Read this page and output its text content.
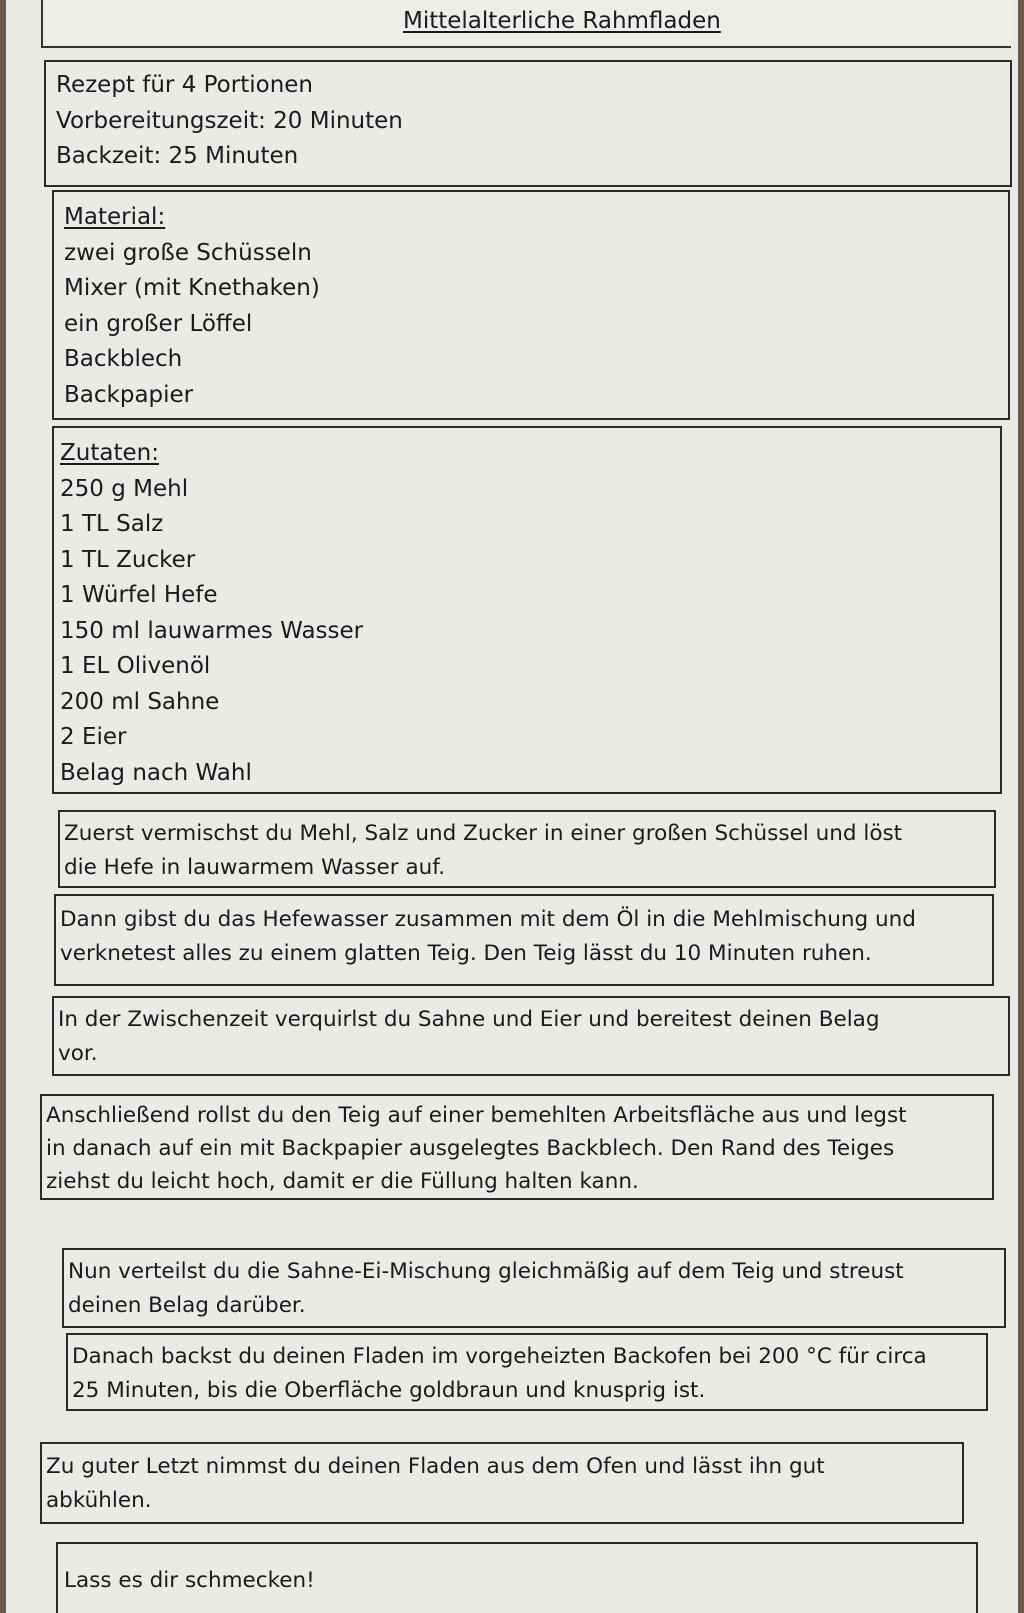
Mittelalterliche Rahmfladen
Rezept für 4 Portionen
Vorbereitungszeit: 20 Minuten
Backzeit: 25 Minuten
Material:
zwei große Schüsseln
Mixer (mit Knethaken)
ein großer Löffel
Backblech
Backpapier
Zutaten:
250 g Mehl
1 TL Salz
1 TL Zucker
1 Würfel Hefe
150 ml lauwarmes Wasser
1 EL Olivenöl
200 ml Sahne
2 Eier
Belag nach Wahl
Zuerst vermischst du Mehl, Salz und Zucker in einer großen Schüssel und löst
die Hefe in lauwarmem Wasser auf.
Dann gibst du das Hefewasser zusammen mit dem Öl in die Mehlmischung und
verknetest alles zu einem glatten Teig. Den Teig lässt du 10 Minuten ruhen.
In der Zwischenzeit verquirlst du Sahne und Eier und bereitest deinen Belag
vor.
Anschließend rollst du den Teig auf einer bemehlten Arbeitsfläche aus und legst
in danach auf ein mit Backpapier ausgelegtes Backblech. Den Rand des Teiges
ziehst du leicht hoch, damit er die Füllung halten kann.
Nun verteilst du die Sahne-Ei-Mischung gleichmäßig auf dem Teig und streust
deinen Belag darüber.
Danach backst du deinen Fladen im vorgeheizten Backofen bei 200 °C für circa
25 Minuten, bis die Oberfläche goldbraun und knusprig ist.
Zu guter Letzt nimmst du deinen Fladen aus dem Ofen und lässt ihn gut
abkühlen.
Lass es dir schmecken!
